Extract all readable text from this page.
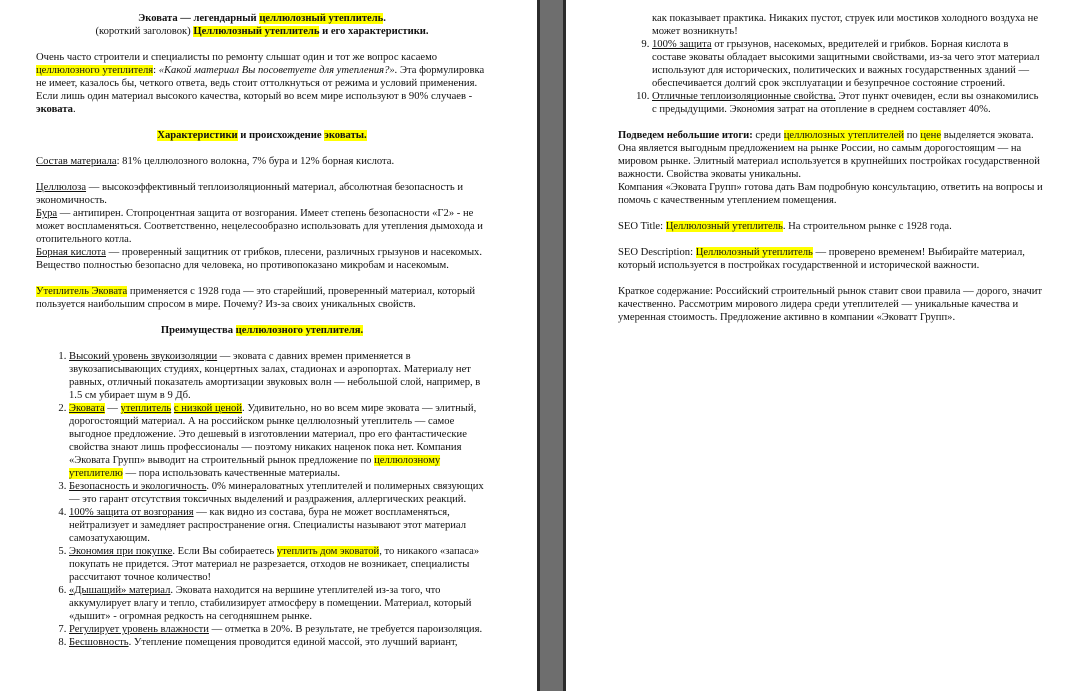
Эковата — легендарный целлюлозный утеплитель.

(короткий заголовок) Целлюлозный утеплитель и его характеристики.

Очень часто строители и специалисты по ремонту слышат один и тот же вопрос касаемо целлюлозного утеплителя: «Какой материал Вы посоветуете для утепления?». Эта формулировка не имеет, казалось бы, четкого ответа, ведь стоит оттолкнуться от режима и условий применения. Если лишь один материал высокого качества, который во всем мире используют в 90% случаев - эковата.

Характеристики и происхождение эковаты.

Состав материала: 81% целлюлозного волокна, 7% бура и 12% борная кислота.

Целлюлоза — высокоэффективный теплоизоляционный материал, абсолютная безопасность и экономичность.

Бура — антипирен. Стопроцентная защита от возгорания. Имеет степень безопасности «Г2» - не может воспламеняться. Соответственно, нецелесообразно использовать для утепления дымохода и отопительного котла.

Борная кислота — проверенный защитник от грибков, плесени, различных грызунов и насекомых. Вещество полностью безопасно для человека, но противопоказано микробам и насекомым.

Утеплитель Эковата применяется с 1928 года — это старейший, проверенный материал, который пользуется наибольшим спросом в мире. Почему? Из-за своих уникальных свойств.

Преимущества целлюлозного утеплителя.

1. Высокий уровень звукоизоляции — эковата с давних времен применяется в звукозаписывающих студиях, концертных залах, стадионах и аэропортах. Материалу нет равных, отличный показатель амортизации звуковых волн — небольшой слой, например, в 1.5 см убирает шум в 9 Дб.
2. Эковата — утеплитель с низкой ценой. Удивительно, но во всем мире эковата — элитный, дорогостоящий материал. А на российском рынке целлюлозный утеплитель — самое выгодное предложение. Это дешевый в изготовлении материал, про его фантастические свойства знают лишь профессионалы — поэтому никаких наценок пока нет. Компания «Эковата Групп» выводит на строительный рынок предложение по целлюлозному утеплителю — пора использовать качественные материалы.
3. Безопасность и экологичность. 0% минераловатных утеплителей и полимерных связующих — это гарант отсутствия токсичных выделений и раздражения, аллергических реакций.
4. 100% защита от возгорания — как видно из состава, бура не может воспламеняться, нейтрализует и замедляет распространение огня. Специалисты называют этот материал самозатухающим.
5. Экономия при покупке. Если Вы собираетесь утеплить дом эковатой, то никакого «запаса» покупать не придется. Этот материал не разрезается, отходов не возникает, специалисты рассчитают точное количество!
6. «Дышащий» материал. Эковата находится на вершине утеплителей из-за того, что аккумулирует влагу и тепло, стабилизирует атмосферу в помещении. Материал, который «дышит» - огромная редкость на сегодняшнем рынке.
7. Регулирует уровень влажности — отметка в 20%. В результате, не требуется пароизоляция.
8. Бесшовность. Утепление помещения проводится единой массой, это лучший вариант,

как показывает практика. Никаких пустот, струек или мостиков холодного воздуха не может возникнуть!

9. 100% защита от грызунов, насекомых, вредителей и грибков. Борная кислота в составе эковаты обладает высокими защитными свойствами, из-за чего этот материал используют для исторических, политических и важных государственных зданий — обеспечивается долгий срок эксплуатации и безупречное состояние строений.
10. Отличные теплоизоляционные свойства. Этот пункт очевиден, если вы ознакомились с предыдущими. Экономия затрат на отопление в среднем составляет 40%.

Подведем небольшие итоги: среди целлюлозных утеплителей по цене выделяется эковата. Она является выгодным предложением на рынке России, но самым дорогостоящим — на мировом рынке. Элитный материал используется в крупнейших постройках государственной важности. Свойства эковаты уникальны.

Компания «Эковата Групп» готова дать Вам подробную консультацию, ответить на вопросы и помочь с качественным утеплением помещения.

SEO Title: Целлюлозный утеплитель. На строительном рынке с 1928 года.

SEO Description: Целлюлозный утеплитель — проверено временем! Выбирайте материал, который используется в постройках государственной и исторической важности.

Краткое содержание: Российский строительный рынок ставит свои правила — дорого, значит качественно. Рассмотрим мирового лидера среди утеплителей — уникальные качества и умеренная стоимость. Предложение активно в компании «Эковатт Групп».
